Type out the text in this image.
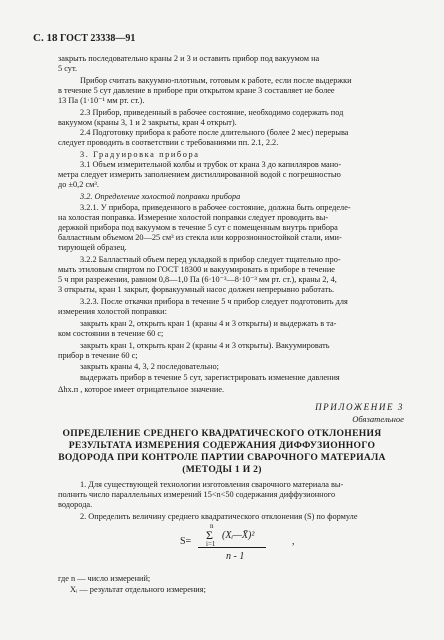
С. 18 ГОСТ 23338—91
закрыть последовательно краны 2 и 3 и оставить прибор под вакуумом на
5 сут.
Прибор считать вакуумно-плотным, готовым к работе, если после выдержки
в течение 5 сут давление в приборе при открытом кране 3 составляет не более
13 Па (1·10⁻¹ мм рт. ст.).
2.3 Прибор, приведенный в рабочее состояние, необходимо содержать под
вакуумом (краны 3, 1 и 2 закрыты, кран 4 открыт).
2.4 Подготовку прибора к работе после длительного (более 2 мес) перерыва
следует проводить в соответствии с требованиями пп. 2.1, 2.2.
3. Градуировка прибора
3.1 Объем измерительной колбы и трубок от крана 3 до капилляров мано-
метра следует измерить заполнением дистиллированной водой с погрешностью
до ±0,2 см³.
3.2. Определение холостой поправки прибора
3.2.1. У прибора, приведенного в рабочее состояние, должна быть определе-
на холостая поправка. Измерение холостой поправки следует проводить вы-
держкой прибора под вакуумом в течение 5 сут с помещенным внутрь прибора
балластным объемом 20—25 см³ из стекла или коррозионностойкой стали, ими-
тирующей образец.
3.2.2 Балластный объем перед укладкой в прибор следует тщательно про-
мыть этиловым спиртом по ГОСТ 18300 и вакуумировать в приборе в течение
5 ч при разрежении, равном 0,8—1,0 Па (6·10⁻³—8·10⁻³ мм рт. ст.), краны 2, 4,
3 открыты, кран 1 закрыт, форвакуумный насос должен непрерывно работать.
3.2.3. После откачки прибора в течение 5 ч прибор следует подготовить для
измерения холостой поправки:
закрыть кран 2, открыть кран 1 (краны 4 и 3 открыты) и выдержать в та-
ком состоянии в течение 60 с;
закрыть кран 1, открыть кран 2 (краны 4 и 3 открыты). Вакуумировать
прибор в течение 60 с;
закрыть краны 4, 3, 2 последовательно;
выдержать прибор в течение 5 сут, зарегистрировать изменение давления
Δhх.п , которое имеет отрицательное значение.
ПРИЛОЖЕНИЕ 3
Обязательное
ОПРЕДЕЛЕНИЕ СРЕДНЕГО КВАДРАТИЧЕСКОГО ОТКЛОНЕНИЯ
РЕЗУЛЬТАТА ИЗМЕРЕНИЯ СОДЕРЖАНИЯ ДИФФУЗИОННОГО
ВОДОРОДА ПРИ КОНТРОЛЕ ПАРТИИ СВАРОЧНОГО МАТЕРИАЛА
(МЕТОДЫ 1 И 2)
1. Для существующей технологии изготовления сварочного материала вы-
полнить число параллельных измерений 15<n<50 содержания диффузионного
водорода.
2. Определить величину среднего квадратического отклонения (S) по формуле
S=
n
Σ
i=1
(Xᵢ—X̄)²
n - 1
,
где n — число измерений;
Xᵢ — результат отдельного измерения;
